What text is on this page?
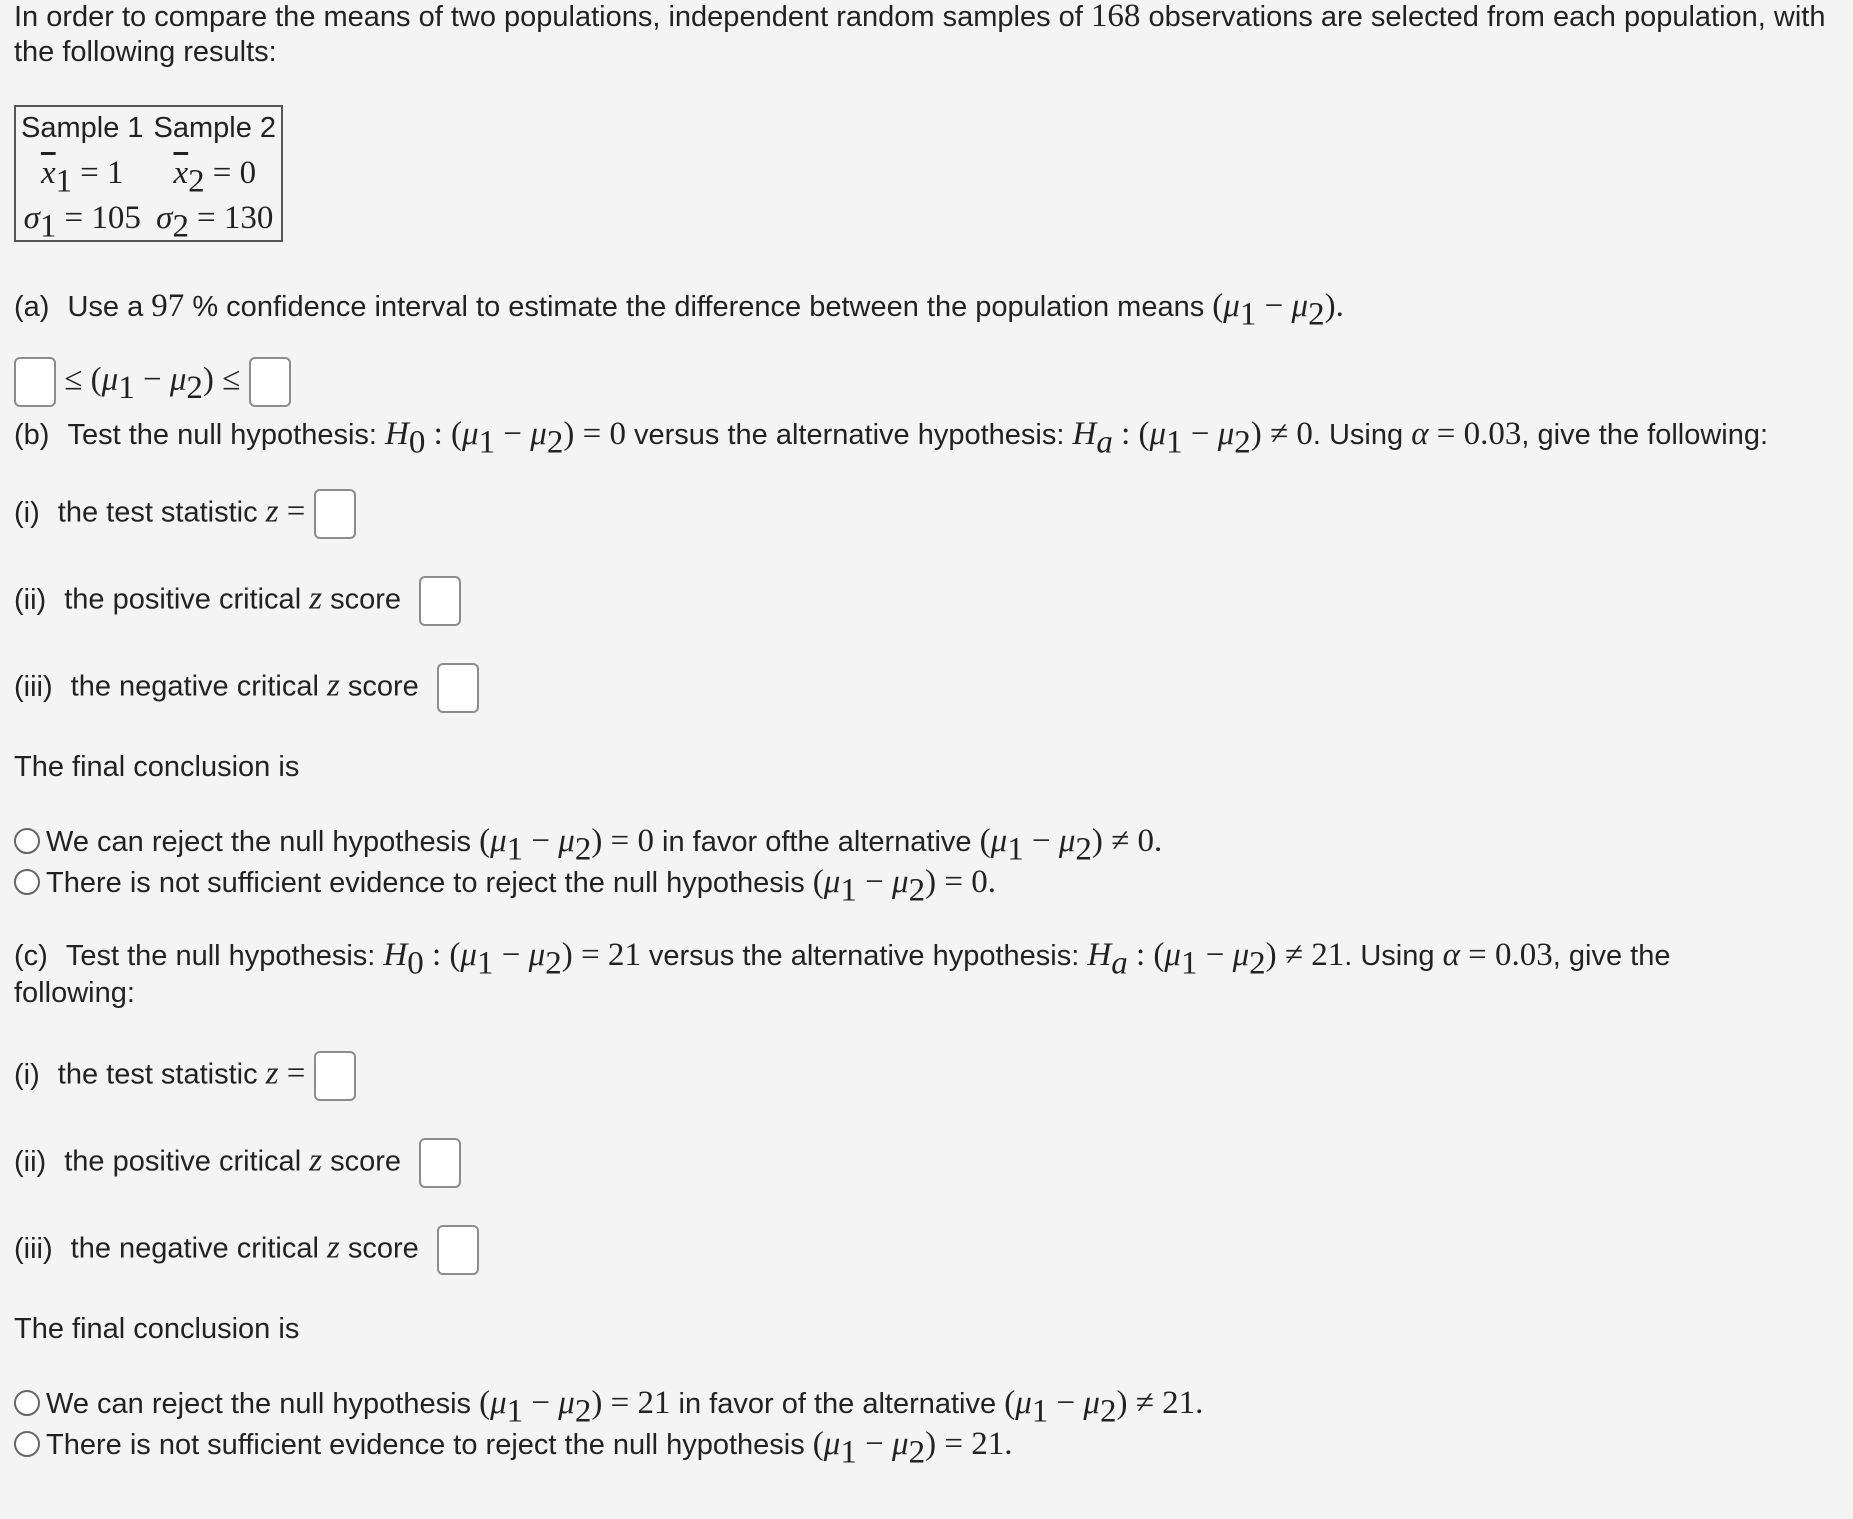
In order to compare the means of two populations, independent random samples of 168 observations are selected from each population, with
the following results:
Sample 1	Sample 2
$\overline{x}_1 = 1$	$\overline{x}_2 = 0$
$\sigma_1 = 105$	$\sigma_2 = 130$
(a) Use a 97 % confidence interval to estimate the difference between the population means $(\mu_1 - \mu_2)$.
≤ $(\mu_1 - \mu_2)$ ≤
(b) Test the null hypothesis: $H_0$ : $(\mu_1 - \mu_2) = 0$ versus the alternative hypothesis: $H_a$ : $(\mu_1 - \mu_2) \ne 0$. Using α = 0.03, give the following:
(i) the test statistic z =
(ii) the positive critical z score
(iii) the negative critical z score
The final conclusion is
We can reject the null hypothesis $(\mu_1 - \mu_2) = 0$ in favor ofthe alternative $(\mu_1 - \mu_2) \ne 0$.
There is not sufficient evidence to reject the null hypothesis $(\mu_1 - \mu_2) = 0$.
(c) Test the null hypothesis: $H_0$ : $(\mu_1 - \mu_2) = 21$ versus the alternative hypothesis: $H_a$ : $(\mu_1 - \mu_2) \ne 21$. Using α = 0.03, give the
following:
(i) the test statistic z =
(ii) the positive critical z score
(iii) the negative critical z score
The final conclusion is
We can reject the null hypothesis $(\mu_1 - \mu_2) = 21$ in favor of the alternative $(\mu_1 - \mu_2) \ne 21$.
There is not sufficient evidence to reject the null hypothesis $(\mu_1 - \mu_2) = 21$.
